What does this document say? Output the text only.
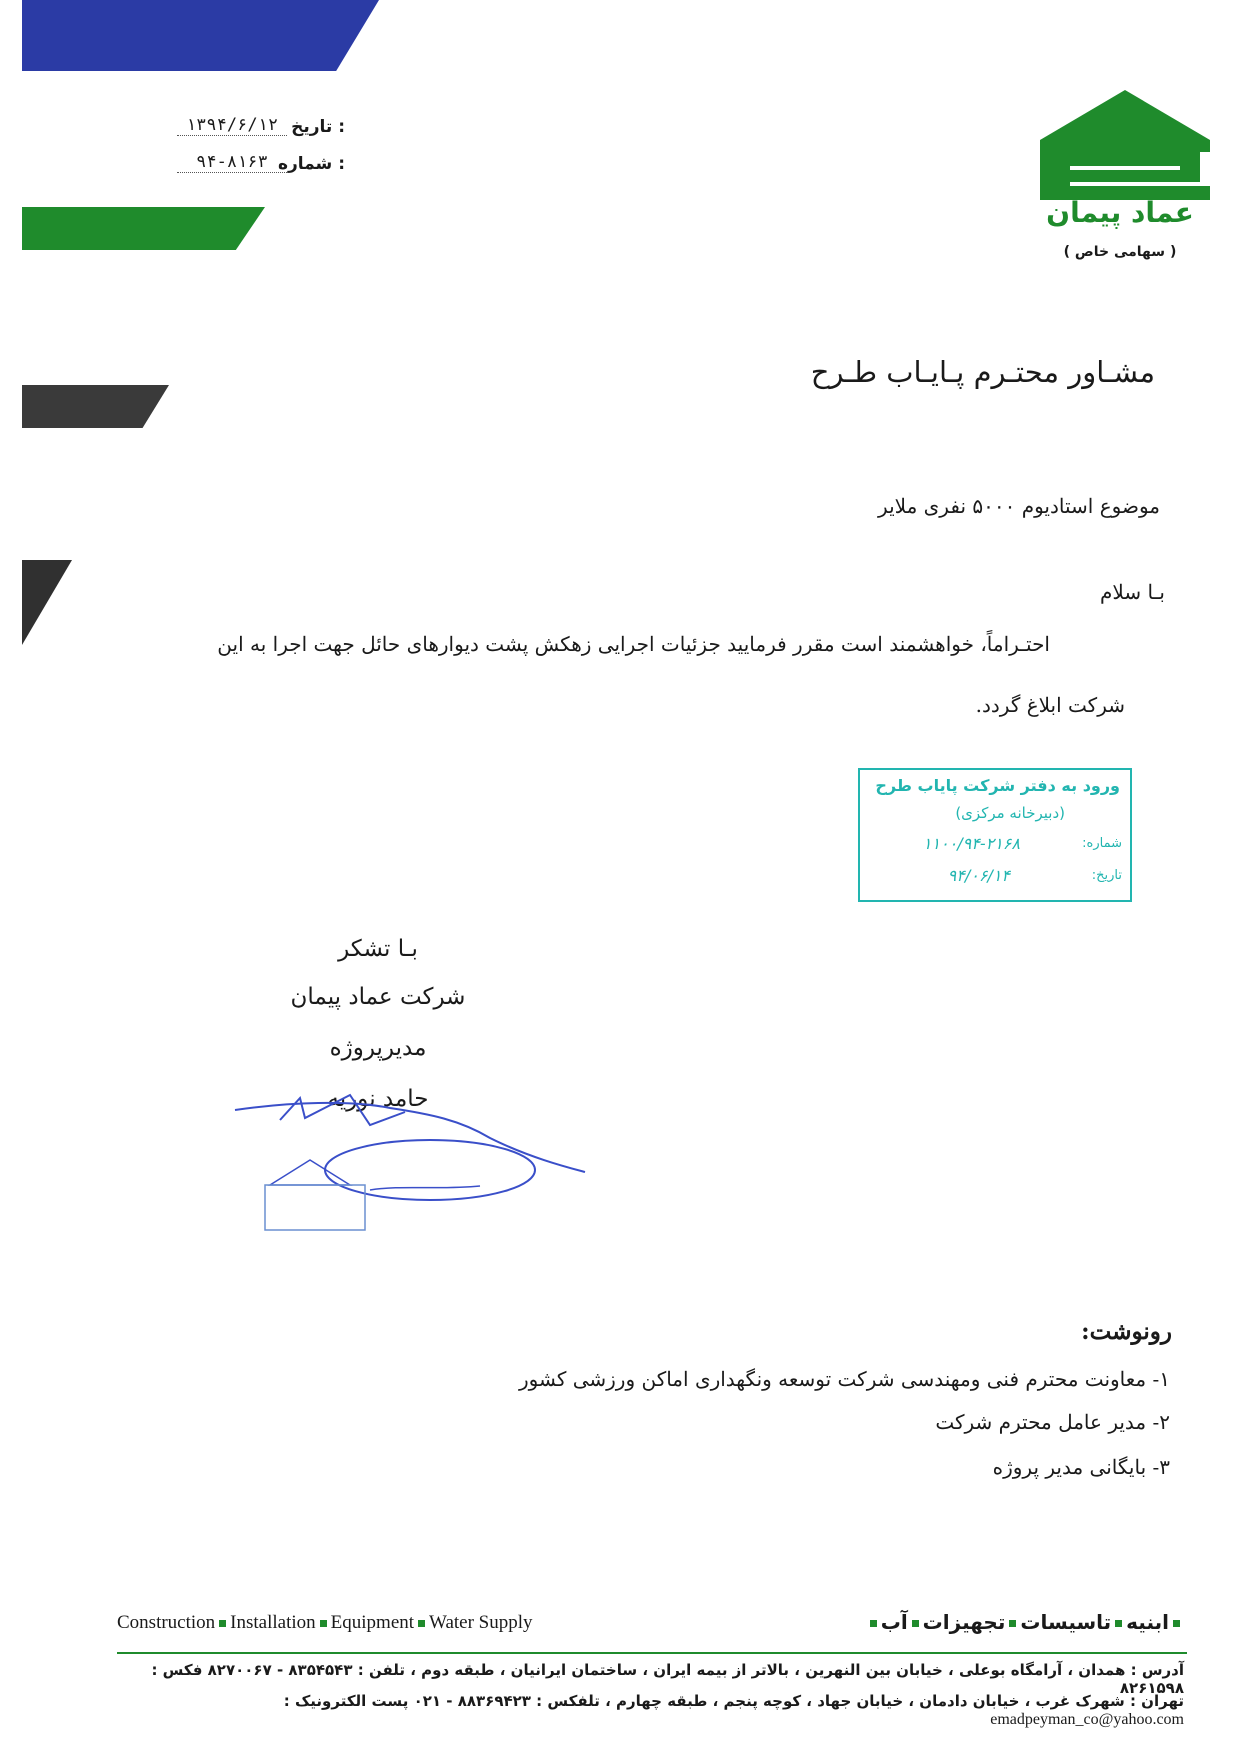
: تاریخ
۱۳۹۴/۶/۱۲
: شماره
۹۴-۸۱۶۳
عماد پیمان
( سهامی خاص )
مشـاور محتـرم پـایـاب طـرح
موضوع استادیوم ۵۰۰۰ نفری ملایر
بـا سلام
احتـراماً، خواهشمند است مقرر فرمایید جزئیات اجرایی زهکش پشت دیوارهای حائل جهت اجرا به این
شرکت ابلاغ گردد.
ورود به دفتر شرکت پایاب طرح
(دبیرخانه مرکزی)
شماره:
۱۱۰۰/۹۴-۲۱۶۸
تاریخ:
۹۴/۰۶/۱۴
بـا تشکر
شرکت عماد پیمان
مدیرپروژه
حامد نوریه
رونوشت:
۱- معاونت محترم فنی ومهندسی شرکت توسعه ونگهداری اماکن ورزشی کشور
۲- مدیر عامل محترم شرکت
۳- بایگانی مدیر پروژه
Construction Installation Equipment Water Supply	ابنیهتاسیساتتجهیزاتآب
آدرس : همدان ، آرامگاه بوعلی ، خیابان بین النهرین ، بالاتر از بیمه ایران ، ساختمان ایرانیان ، طبقه دوم ، تلفن : ۸۳۵۴۵۴۳ - ۸۲۷۰۰۶۷ فکس : ۸۲۶۱۵۹۸
تهران : شهرک غرب ، خیابان دادمان ، خیابان جهاد ، کوچه پنجم ، طبقه چهارم ، تلفکس : ۸۸۳۶۹۴۲۳ - ۰۲۱ پست الکترونیک : emadpeyman_co@yahoo.com
